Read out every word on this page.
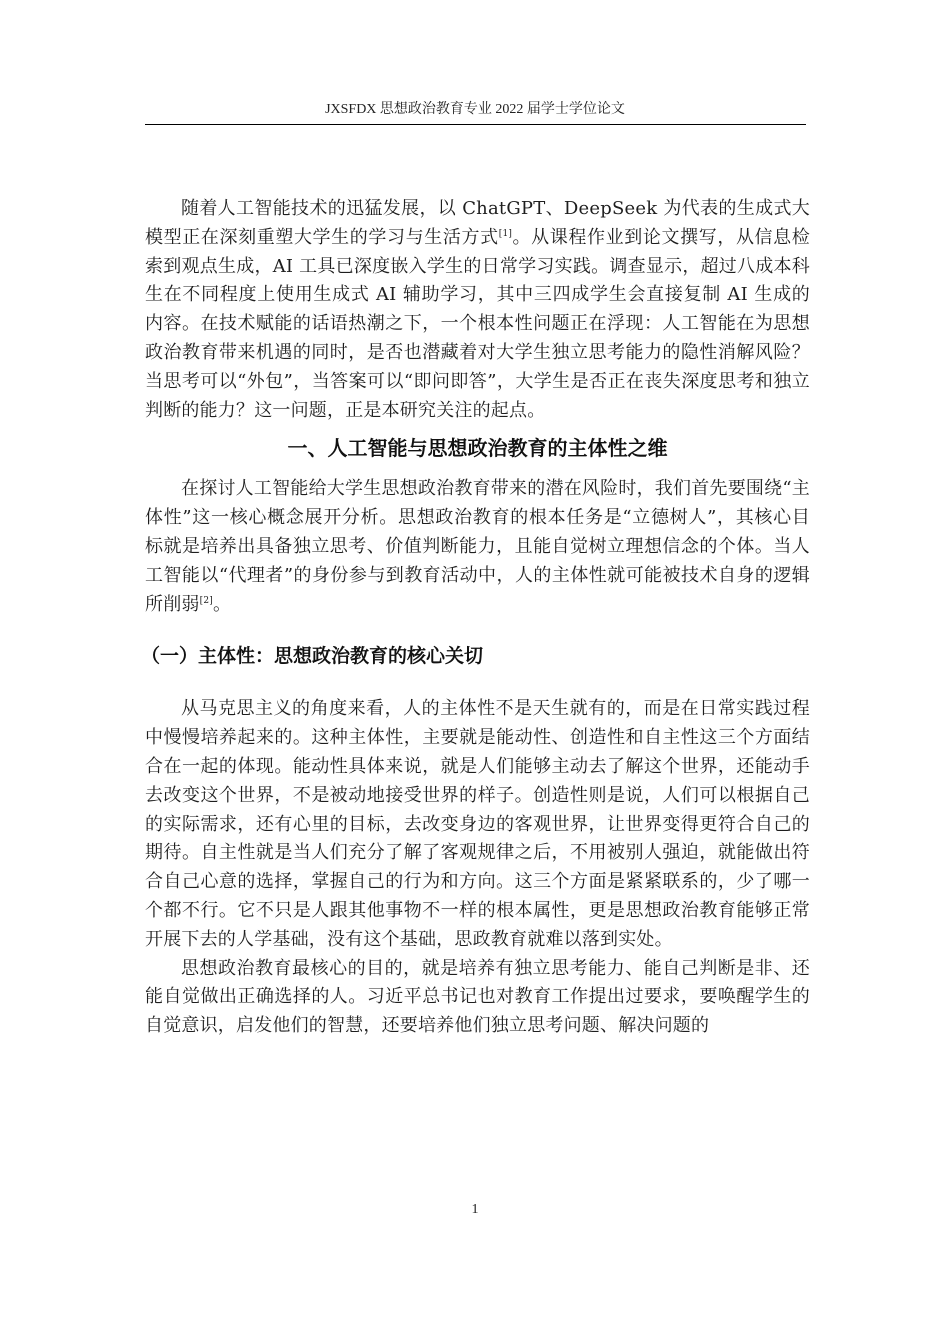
JXSFDX 思想政治教育专业 2022 届学士学位论文

随着人工智能技术的迅猛发展，以 ChatGPT、DeepSeek 为代表的生成式大模型正在深刻重塑大学生的学习与生活方式[1]。从课程作业到论文撰写，从信息检索到观点生成，AI 工具已深度嵌入学生的日常学习实践。调查显示，超过八成本科生在不同程度上使用生成式 AI 辅助学习，其中三四成学生会直接复制 AI 生成的内容。在技术赋能的话语热潮之下，一个根本性问题正在浮现：人工智能在为思想政治教育带来机遇的同时，是否也潜藏着对大学生独立思考能力的隐性消解风险？当思考可以“外包”，当答案可以“即问即答”，大学生是否正在丧失深度思考和独立判断的能力？这一问题，正是本研究关注的起点。

一、人工智能与思想政治教育的主体性之维

在探讨人工智能给大学生思想政治教育带来的潜在风险时，我们首先要围绕“主体性”这一核心概念展开分析。思想政治教育的根本任务是“立德树人”，其核心目标就是培养出具备独立思考、价值判断能力，且能自觉树立理想信念的个体。当人工智能以“代理者”的身份参与到教育活动中，人的主体性就可能被技术自身的逻辑所削弱[2]。

（一）主体性：思想政治教育的核心关切

从马克思主义的角度来看，人的主体性不是天生就有的，而是在日常实践过程中慢慢培养起来的。这种主体性，主要就是能动性、创造性和自主性这三个方面结合在一起的体现。能动性具体来说，就是人们能够主动去了解这个世界，还能动手去改变这个世界，不是被动地接受世界的样子。创造性则是说，人们可以根据自己的实际需求，还有心里的目标，去改变身边的客观世界，让世界变得更符合自己的期待。自主性就是当人们充分了解了客观规律之后，不用被别人强迫，就能做出符合自己心意的选择，掌握自己的行为和方向。这三个方面是紧紧联系的，少了哪一个都不行。它不只是人跟其他事物不一样的根本属性，更是思想政治教育能够正常开展下去的人学基础，没有这个基础，思政教育就难以落到实处。

思想政治教育最核心的目的，就是培养有独立思考能力、能自己判断是非、还能自觉做出正确选择的人。习近平总书记也对教育工作提出过要求，要唤醒学生的自觉意识，启发他们的智慧，还要培养他们独立思考问题、解决问题的

1
